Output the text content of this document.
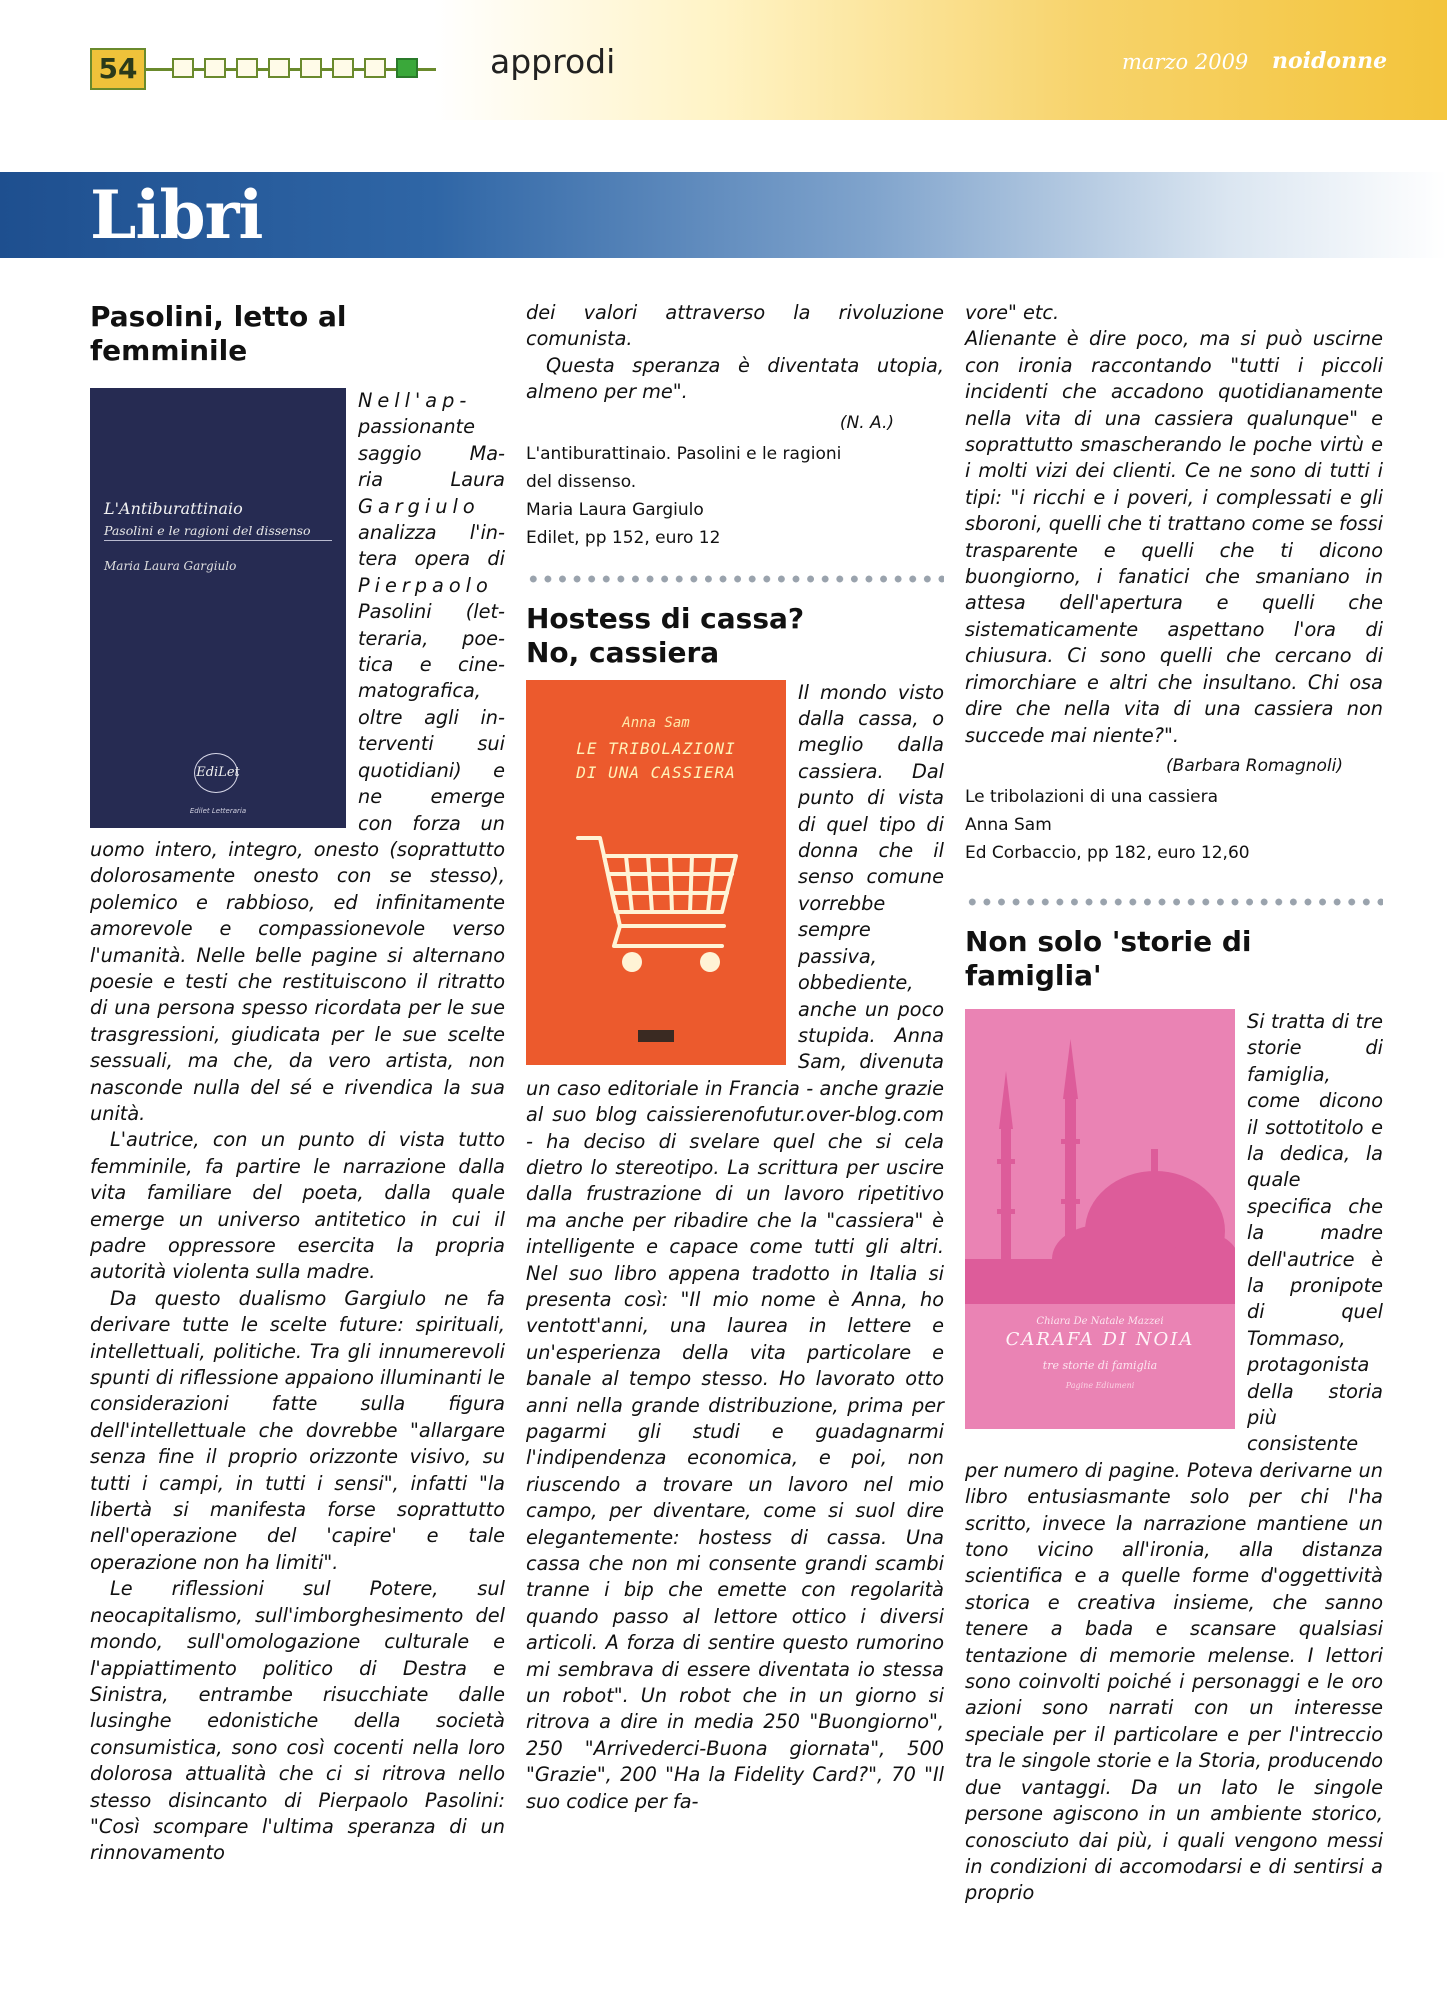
54	approdi	marzo 2009 noidonne
Libri
Pasolini, letto al femminile
L'Antiburattinaio
Pasolini e le ragioni del dissenso
Maria Laura Gargiulo
EdiLet
Edilet Letteraria
Nell'ap-
passionante
saggio Ma-
ria Laura
Gargiulo
analizza l'in-
tera opera di
Pierpaolo
Pasolini (let-
teraria, poe-
tica e cine-
matografica,
oltre agli in-
terventi sui
quotidiani) e
ne emerge
con forza un

uomo intero, integro, onesto (soprattutto dolorosamente onesto con se stesso), polemico e rabbioso, ed infinitamente amorevole e compassionevole verso l'umanità. Nelle belle pagine si alternano poesie e testi che restituiscono il ritratto di una persona spesso ricordata per le sue trasgressioni, giudicata per le sue scelte sessuali, ma che, da vero artista, non nasconde nulla del sé e rivendica la sua unità.

L'autrice, con un punto di vista tutto femminile, fa partire le narrazione dalla vita familiare del poeta, dalla quale emerge un universo antitetico in cui il padre oppressore esercita la propria autorità violenta sulla madre.

Da questo dualismo Gargiulo ne fa derivare tutte le scelte future: spirituali, intellettuali, politiche. Tra gli innumerevoli spunti di riflessione appaiono illuminanti le considerazioni fatte sulla figura dell'intellettuale che dovrebbe "allargare senza fine il proprio orizzonte visivo, su tutti i campi, in tutti i sensi", infatti "la libertà si manifesta forse soprattutto nell'operazione del 'capire' e tale operazione non ha limiti".

Le riflessioni sul Potere, sul neocapitalismo, sull'imborghesimento del mondo, sull'omologazione culturale e l'appiattimento politico di Destra e Sinistra, entrambe risucchiate dalle lusinghe edonistiche della società consumistica, sono così cocenti nella loro dolorosa attualità che ci si ritrova nello stesso disincanto di Pierpaolo Pasolini: "Così scompare l'ultima speranza di un rinnovamento

dei valori attraverso la rivoluzione comunista.

Questa speranza è diventata utopia, almeno per me".

(N. A.)
L'antiburattinaio. Pasolini e le ragioni
del dissenso.
Maria Laura Gargiulo
Edilet, pp 152, euro 12
Hostess di cassa?
No, cassiera
Anna Sam
LE TRIBOLAZIONI
DI UNA CASSIERA

Il mondo visto dalla cassa, o meglio dalla cassiera. Dal punto di vista di quel tipo di donna che il senso comune vorrebbe sempre passiva, obbediente, anche un poco stupida. Anna Sam, divenuta un caso editoriale in Francia - anche grazie al suo blog caissierenofutur.over-blog.com - ha deciso di svelare quel che si cela dietro lo stereotipo. La scrittura per uscire dalla frustrazione di un lavoro ripetitivo ma anche per ribadire che la "cassiera" è intelligente e capace come tutti gli altri. Nel suo libro appena tradotto in Italia si presenta così: "Il mio nome è Anna, ho ventott'anni, una laurea in lettere e un'esperienza della vita particolare e banale al tempo stesso. Ho lavorato otto anni nella grande distribuzione, prima per pagarmi gli studi e guadagnarmi l'indipendenza economica, e poi, non riuscendo a trovare un lavoro nel mio campo, per diventare, come si suol dire elegantemente: hostess di cassa. Una cassa che non mi consente grandi scambi tranne i bip che emette con regolarità quando passo al lettore ottico i diversi articoli. A forza di sentire questo rumorino mi sembrava di essere diventata io stessa un robot". Un robot che in un giorno si ritrova a dire in media 250 "Buongiorno", 250 "Arrivederci-Buona giornata", 500 "Grazie", 200 "Ha la Fidelity Card?", 70 "Il suo codice per fa-

vore" etc.

Alienante è dire poco, ma si può uscirne con ironia raccontando "tutti i piccoli incidenti che accadono quotidianamente nella vita di una cassiera qualunque" e soprattutto smascherando le poche virtù e i molti vizi dei clienti. Ce ne sono di tutti i tipi: "i ricchi e i poveri, i complessati e gli sboroni, quelli che ti trattano come se fossi trasparente e quelli che ti dicono buongiorno, i fanatici che smaniano in attesa dell'apertura e quelli che sistematicamente aspettano l'ora di chiusura. Ci sono quelli che cercano di rimorchiare e altri che insultano. Chi osa dire che nella vita di una cassiera non succede mai niente?".

(Barbara Romagnoli)
Le tribolazioni di una cassiera
Anna Sam
Ed Corbaccio, pp 182, euro 12,60
Non solo 'storie di famiglia'
Chiara De Natale Mazzei
CARAFA DI NOIA
tre storie di famiglia
Pagine Ediumeni

Si tratta di tre storie di famiglia, come dicono il sottotitolo e la dedica, la quale specifica che la madre dell'autrice è la pronipote di quel Tommaso, protagonista della storia più consistente per numero di pagine. Poteva derivarne un libro entusiasmante solo per chi l'ha scritto, invece la narrazione mantiene un tono vicino all'ironia, alla distanza scientifica e a quelle forme d'oggettività storica e creativa insieme, che sanno tenere a bada e scansare qualsiasi tentazione di memorie melense. I lettori sono coinvolti poiché i personaggi e le oro azioni sono narrati con un interesse speciale per il particolare e per l'intreccio tra le singole storie e la Storia, producendo due vantaggi. Da un lato le singole persone agiscono in un ambiente storico, conosciuto dai più, i quali vengono messi in condizioni di accomodarsi e di sentirsi a proprio
